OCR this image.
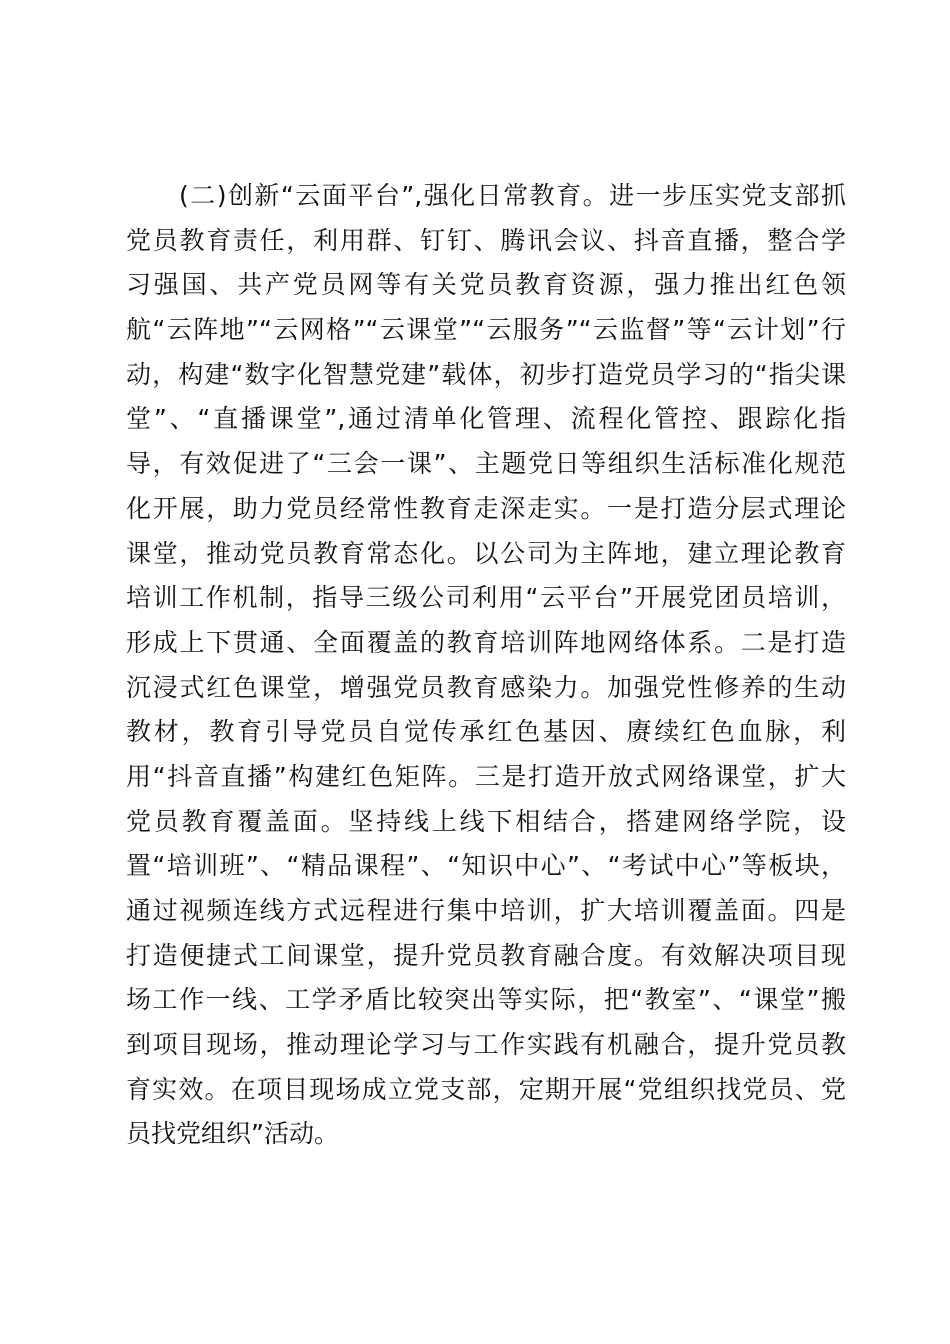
　　(二)创新“云面平台”,强化日常教育。进一步压实党支部抓
党员教育责任，利用群、钉钉、腾讯会议、抖音直播，整合学
习强国、共产党员网等有关党员教育资源，强力推出红色领
航“云阵地”“云网格”“云课堂”“云服务”“云监督”等“云计划”行
动，构建“数字化智慧党建”载体，初步打造党员学习的“指尖课
堂”、“直播课堂”,通过清单化管理、流程化管控、跟踪化指
导，有效促进了“三会一课”、主题党日等组织生活标准化规范
化开展，助力党员经常性教育走深走实。一是打造分层式理论
课堂，推动党员教育常态化。以公司为主阵地，建立理论教育
培训工作机制，指导三级公司利用“云平台”开展党团员培训，
形成上下贯通、全面覆盖的教育培训阵地网络体系。二是打造
沉浸式红色课堂，增强党员教育感染力。加强党性修养的生动
教材，教育引导党员自觉传承红色基因、赓续红色血脉，利
用“抖音直播”构建红色矩阵。三是打造开放式网络课堂，扩大
党员教育覆盖面。坚持线上线下相结合，搭建网络学院，设
置“培训班”、“精品课程”、“知识中心”、“考试中心”等板块，
通过视频连线方式远程进行集中培训，扩大培训覆盖面。四是
打造便捷式工间课堂，提升党员教育融合度。有效解决项目现
场工作一线、工学矛盾比较突出等实际，把“教室”、“课堂”搬
到项目现场，推动理论学习与工作实践有机融合，提升党员教
育实效。在项目现场成立党支部，定期开展“党组织找党员、党
员找党组织”活动。
